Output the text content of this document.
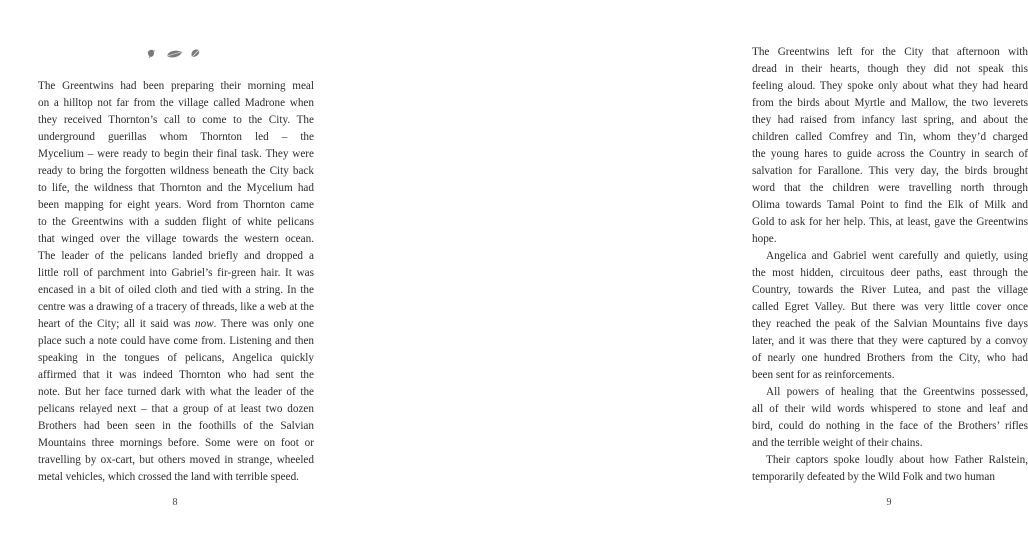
The Greentwins had been preparing their morning meal
on a hilltop not far from the village called Madrone when
they received Thornton’s call to come to the City. The
underground guerillas whom Thornton led – the
Mycelium – were ready to begin their final task. They were
ready to bring the forgotten wildness beneath the City back
to life, the wildness that Thornton and the Mycelium had
been mapping for eight years. Word from Thornton came
to the Greentwins with a sudden flight of white pelicans
that winged over the village towards the western ocean.
The leader of the pelicans landed briefly and dropped a
little roll of parchment into Gabriel’s fir-green hair. It was
encased in a bit of oiled cloth and tied with a string. In the
centre was a drawing of a tracery of threads, like a web at the
heart of the City; all it said was now. There was only one
place such a note could have come from. Listening and then
speaking in the tongues of pelicans, Angelica quickly
affirmed that it was indeed Thornton who had sent the
note. But her face turned dark with what the leader of the
pelicans relayed next – that a group of at least two dozen
Brothers had been seen in the foothills of the Salvian
Mountains three mornings before. Some were on foot or
travelling by ox-cart, but others moved in strange, wheeled
metal vehicles, which crossed the land with terrible speed.
8

The Greentwins left for the City that afternoon with
dread in their hearts, though they did not speak this
feeling aloud. They spoke only about what they had heard
from the birds about Myrtle and Mallow, the two leverets
they had raised from infancy last spring, and about the
children called Comfrey and Tin, whom they’d charged
the young hares to guide across the Country in search of
salvation for Farallone. This very day, the birds brought
word that the children were travelling north through
Olima towards Tamal Point to find the Elk of Milk and
Gold to ask for her help. This, at least, gave the Greentwins
hope.

Angelica and Gabriel went carefully and quietly, using
the most hidden, circuitous deer paths, east through the
Country, towards the River Lutea, and past the village
called Egret Valley. But there was very little cover once
they reached the peak of the Salvian Mountains five days
later, and it was there that they were captured by a convoy
of nearly one hundred Brothers from the City, who had
been sent for as reinforcements.

All powers of healing that the Greentwins possessed,
all of their wild words whispered to stone and leaf and
bird, could do nothing in the face of the Brothers’ rifles
and the terrible weight of their chains.

Their captors spoke loudly about how Father Ralstein,
temporarily defeated by the Wild Folk and two human

9
